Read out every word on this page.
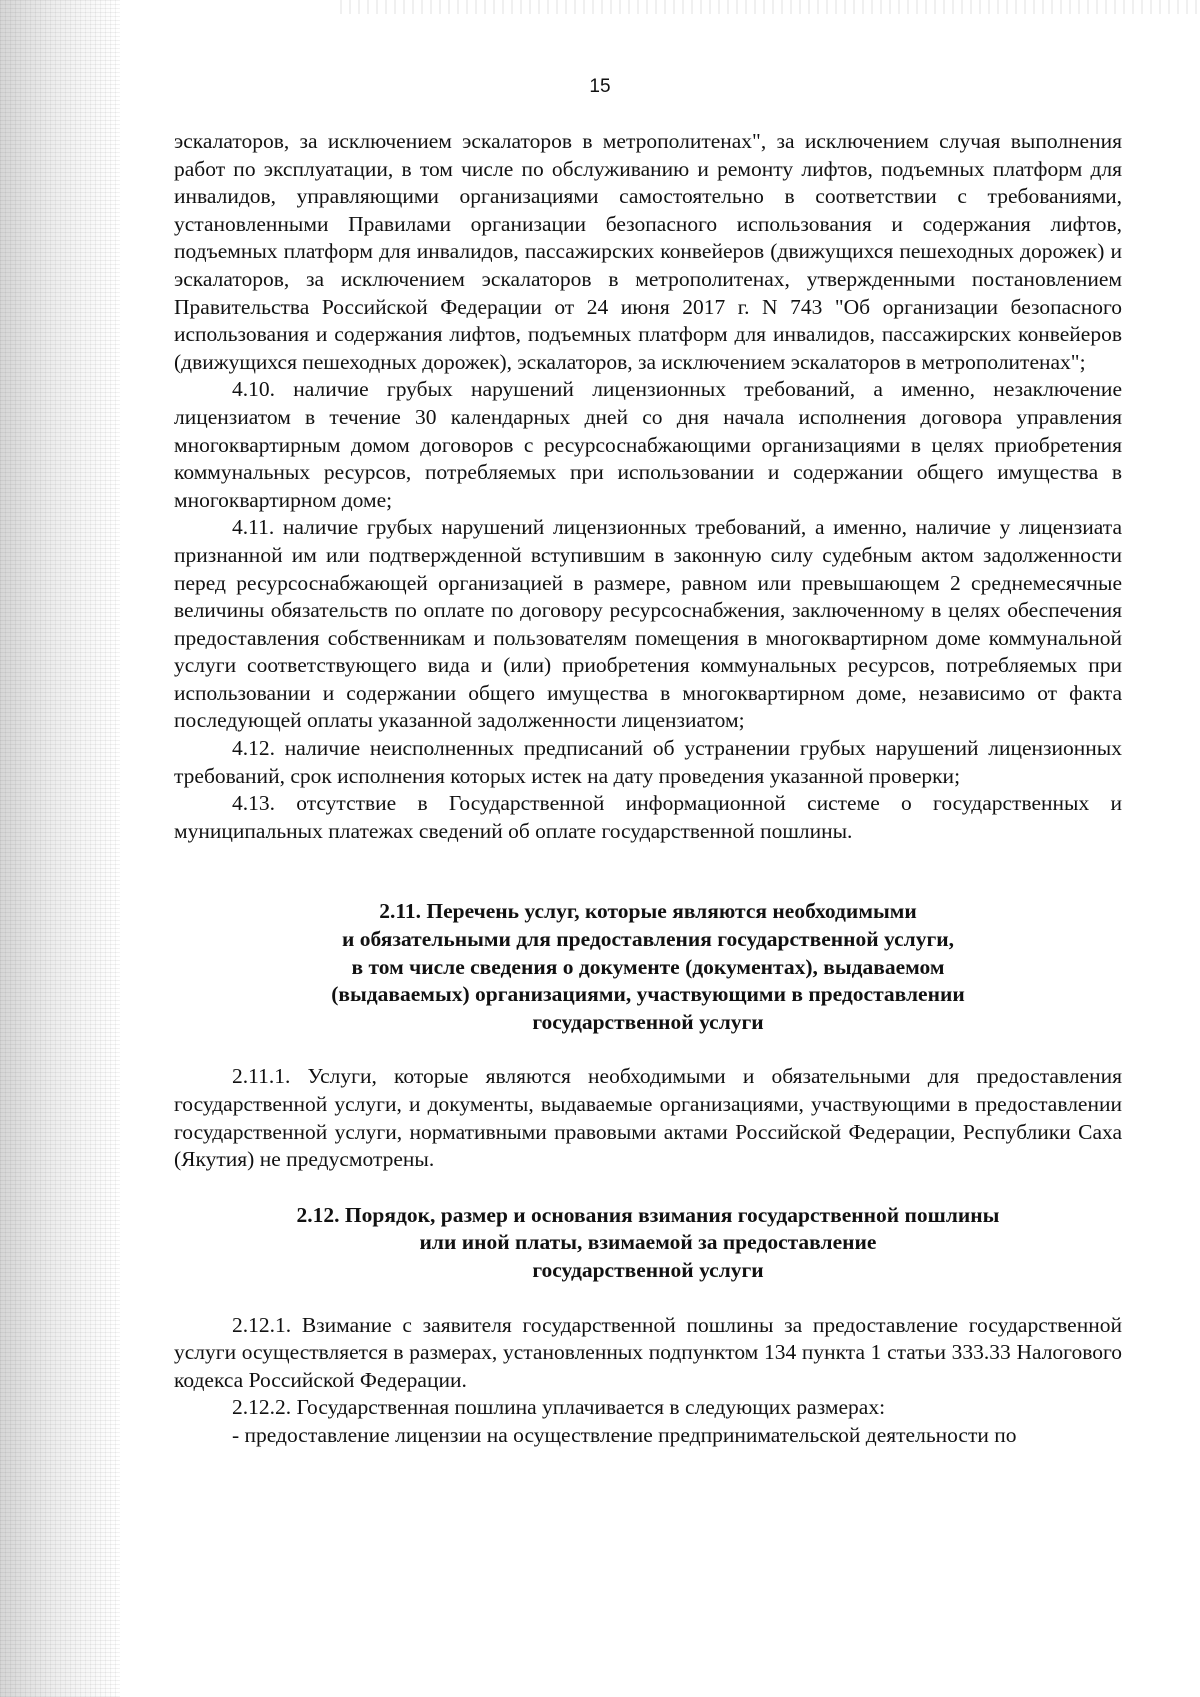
15

эскалаторов, за исключением эскалаторов в метрополитенах", за исключением случая выполнения работ по эксплуатации, в том числе по обслуживанию и ремонту лифтов, подъемных платформ для инвалидов, управляющими организациями самостоятельно в соответствии с требованиями, установленными Правилами организации безопасного использования и содержания лифтов, подъемных платформ для инвалидов, пассажирских конвейеров (движущихся пешеходных дорожек) и эскалаторов, за исключением эскалаторов в метрополитенах, утвержденными постановлением Правительства Российской Федерации от 24 июня 2017 г. N 743 "Об организации безопасного использования и содержания лифтов, подъемных платформ для инвалидов, пассажирских конвейеров (движущихся пешеходных дорожек), эскалаторов, за исключением эскалаторов в метрополитенах";

4.10. наличие грубых нарушений лицензионных требований, а именно, незаключение лицензиатом в течение 30 календарных дней со дня начала исполнения договора управления многоквартирным домом договоров с ресурсоснабжающими организациями в целях приобретения коммунальных ресурсов, потребляемых при использовании и содержании общего имущества в многоквартирном доме;

4.11. наличие грубых нарушений лицензионных требований, а именно, наличие у лицензиата признанной им или подтвержденной вступившим в законную силу судебным актом задолженности перед ресурсоснабжающей организацией в размере, равном или превышающем 2 среднемесячные величины обязательств по оплате по договору ресурсоснабжения, заключенному в целях обеспечения предоставления собственникам и пользователям помещения в многоквартирном доме коммунальной услуги соответствующего вида и (или) приобретения коммунальных ресурсов, потребляемых при использовании и содержании общего имущества в многоквартирном доме, независимо от факта последующей оплаты указанной задолженности лицензиатом;

4.12. наличие неисполненных предписаний об устранении грубых нарушений лицензионных требований, срок исполнения которых истек на дату проведения указанной проверки;

4.13. отсутствие в Государственной информационной системе о государственных и муниципальных платежах сведений об оплате государственной пошлины.

2.11. Перечень услуг, которые являются необходимыми
и обязательными для предоставления государственной услуги,
в том числе сведения о документе (документах), выдаваемом
(выдаваемых) организациями, участвующими в предоставлении
государственной услуги

2.11.1. Услуги, которые являются необходимыми и обязательными для предоставления государственной услуги, и документы, выдаваемые организациями, участвующими в предоставлении государственной услуги, нормативными правовыми актами Российской Федерации, Республики Саха (Якутия) не предусмотрены.

2.12. Порядок, размер и основания взимания государственной пошлины
или иной платы, взимаемой за предоставление
государственной услуги

2.12.1. Взимание с заявителя государственной пошлины за предоставление государственной услуги осуществляется в размерах, установленных подпунктом 134 пункта 1 статьи 333.33 Налогового кодекса Российской Федерации.

2.12.2. Государственная пошлина уплачивается в следующих размерах:

- предоставление лицензии на осуществление предпринимательской деятельности по
